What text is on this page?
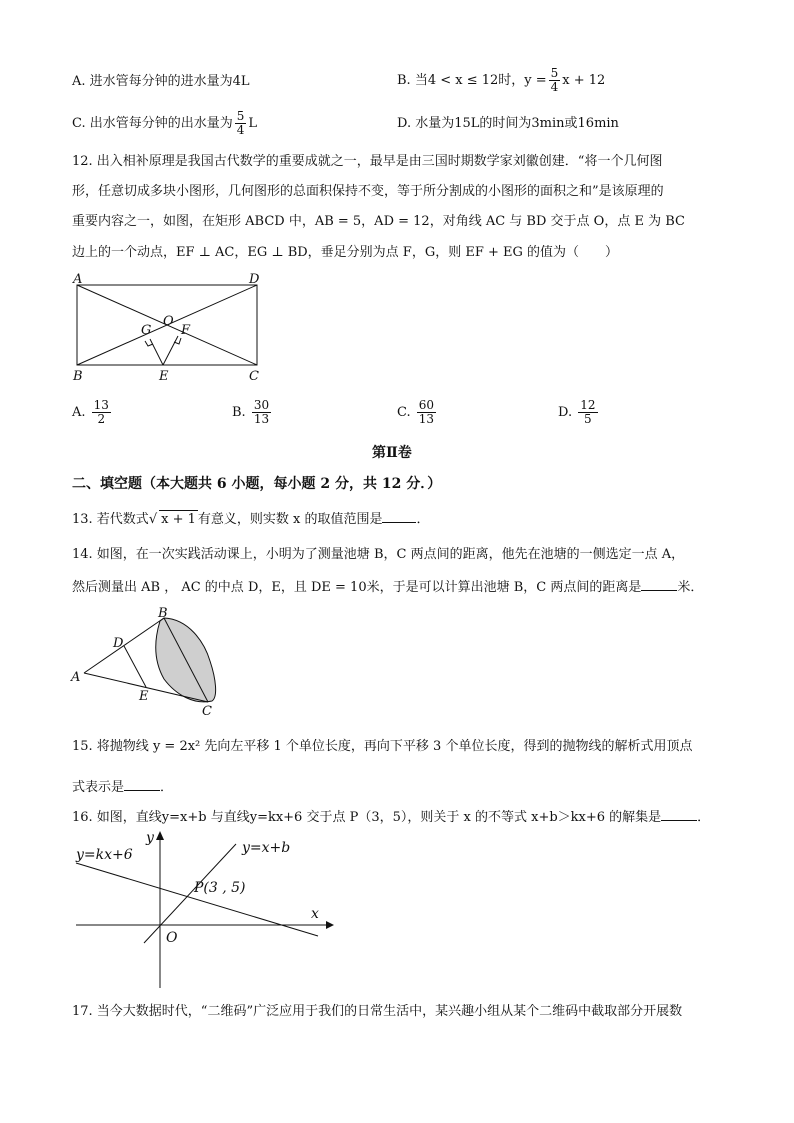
A. 进水管每分钟的进水量为4L	B. 当4 < x ≤ 12时，$y = \frac{5}{4}$ x + 12
C. 出水管每分钟的出水量为 $\frac{5}{4}$ L	D. 水量为15L的时间为3min或16min
12. 出入相补原理是我国古代数学的重要成就之一，最早是由三国时期数学家刘徽创建．“将一个几何图
形，任意切成多块小图形，几何图形的总面积保持不变，等于所分割成的小图形的面积之和”是该原理的
重要内容之一，如图，在矩形 ABCD 中，AB = 5，AD = 12，对角线 AC 与 BD 交于点 O，点 E 为 BC
边上的一个动点，EF ⊥ AC，EG ⊥ BD，垂足分别为点 F，G，则 EF + EG 的值为（　　）
A	D
B	C
O
G F
E
A. $\frac{13}{2}$	B. $\frac{30}{13}$	C. $\frac{60}{13}$	D. $\frac{12}{5}$
第Ⅱ卷
二、填空题（本大题共 6 小题，每小题 2 分，共 12 分．）
13. 若代数式√ x + 1 有意义，则实数 x 的取值范围是	．
14. 如图，在一次实践活动课上，小明为了测量池塘 B，C 两点间的距离，他先在池塘的一侧选定一点 A，
然后测量出 AB ， AC 的中点 D，E，且 DE = 10米，于是可以计算出池塘 B，C 两点间的距离是	米．
A
B
C
D
E
15. 将抛物线 y = 2x² 先向左平移 1 个单位长度，再向下平移 3 个单位长度，得到的抛物线的解析式用顶点
式表示是	．
16. 如图，直线y=x+b 与直线y=kx+6 交于点 P（3，5），则关于 x 的不等式 x+b＞kx+6 的解集是	．
y=kx+6	y=x+b
P(3 , 5)
x
y
O
17. 当今大数据时代，“二维码”广泛应用于我们的日常生活中，某兴趣小组从某个二维码中截取部分开展数
